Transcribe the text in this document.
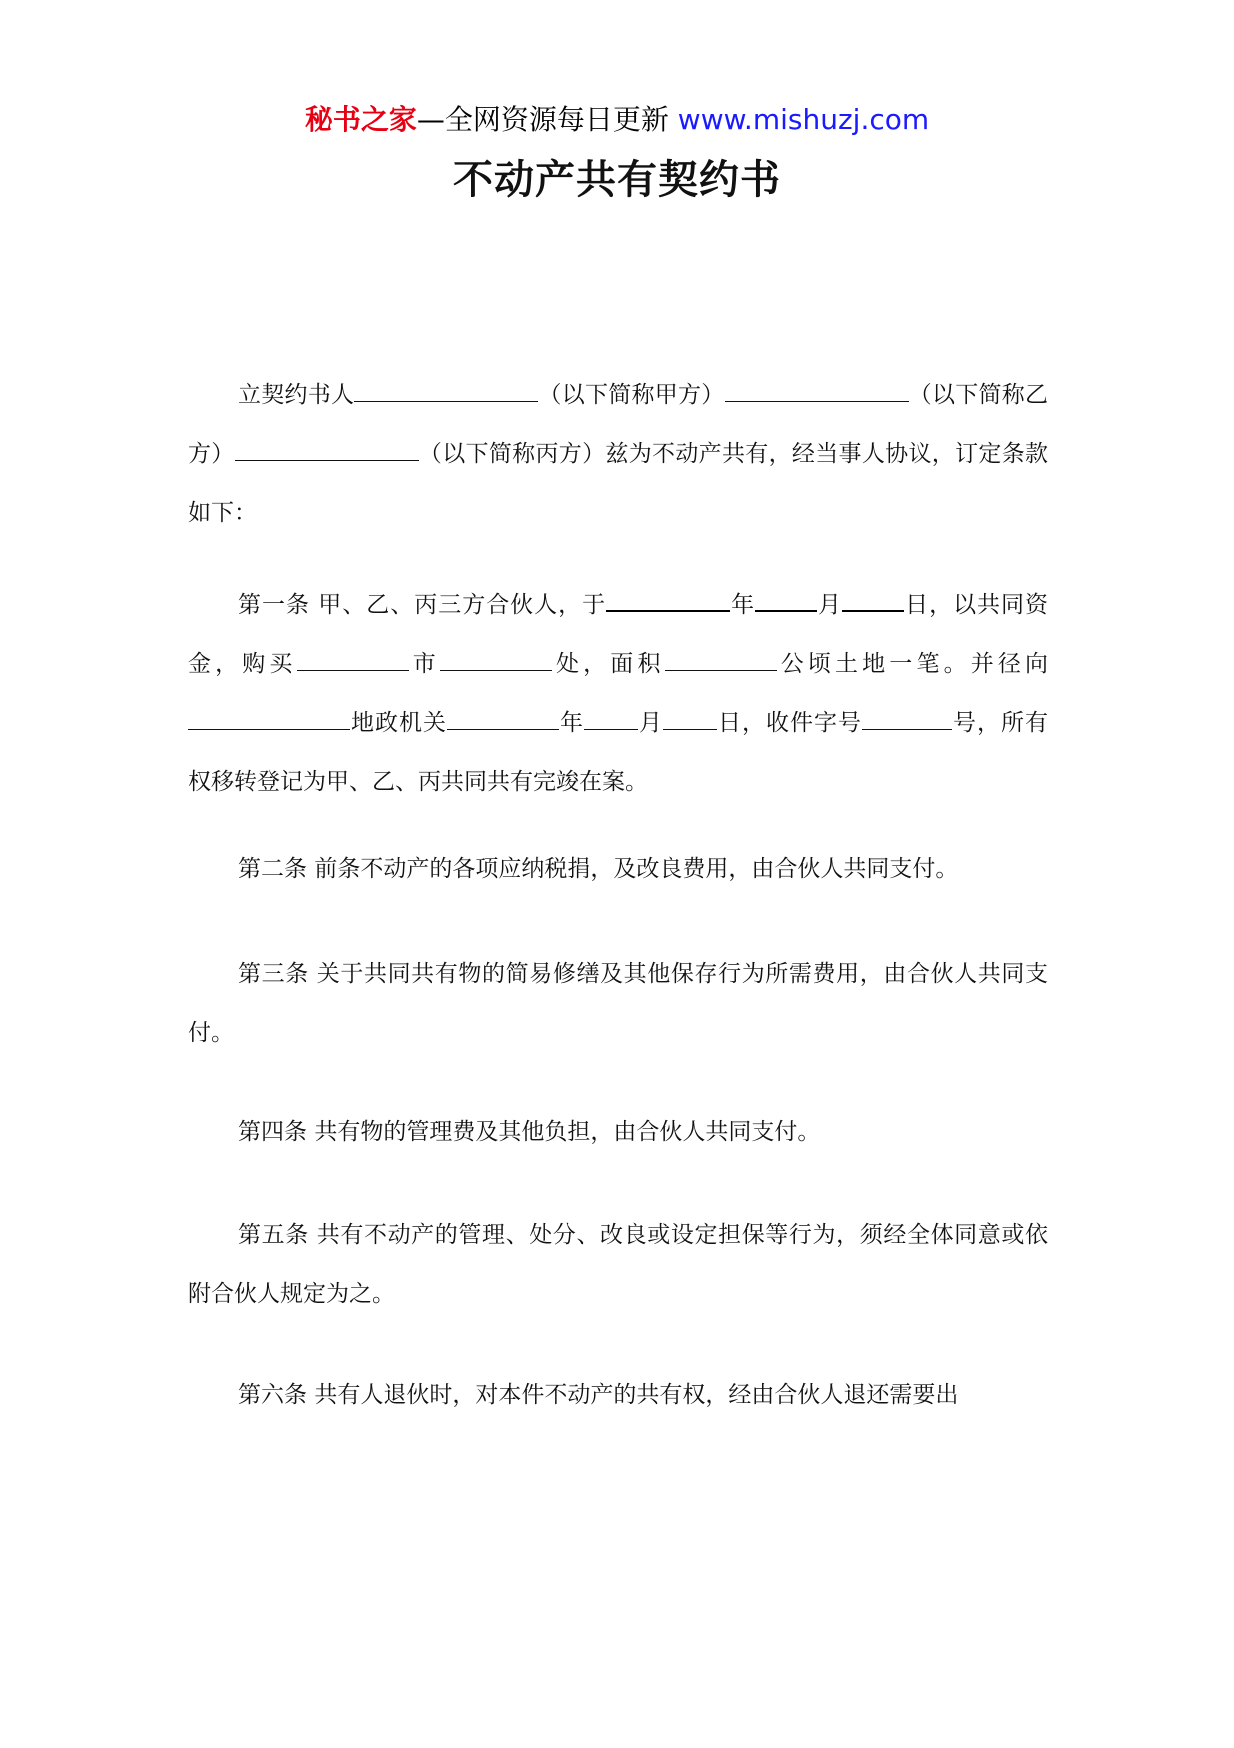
秘书之家—全网资源每日更新 www.mishuzj.com
不动产共有契约书

立契约书人	（以下简称甲方）	（以下简称乙方）	（以下简称丙方）兹为不动产共有，经当事人协议，订定条款如下：

第一条 甲、乙、丙三方合伙人，于	年	月	日，以共同资金，购买	市	处，面积	公顷土地一笔。并径向地政机关	年 月 日，收件字号	号，所有权移转登记为甲、乙、丙共同共有完竣在案。

第二条 前条不动产的各项应纳税捐，及改良费用，由合伙人共同支付。

第三条 关于共同共有物的简易修缮及其他保存行为所需费用，由合伙人共同支付。

第四条 共有物的管理费及其他负担，由合伙人共同支付。

第五条 共有不动产的管理、处分、改良或设定担保等行为，须经全体同意或依附合伙人规定为之。

第六条 共有人退伙时，对本件不动产的共有权，经由合伙人退还需要出
